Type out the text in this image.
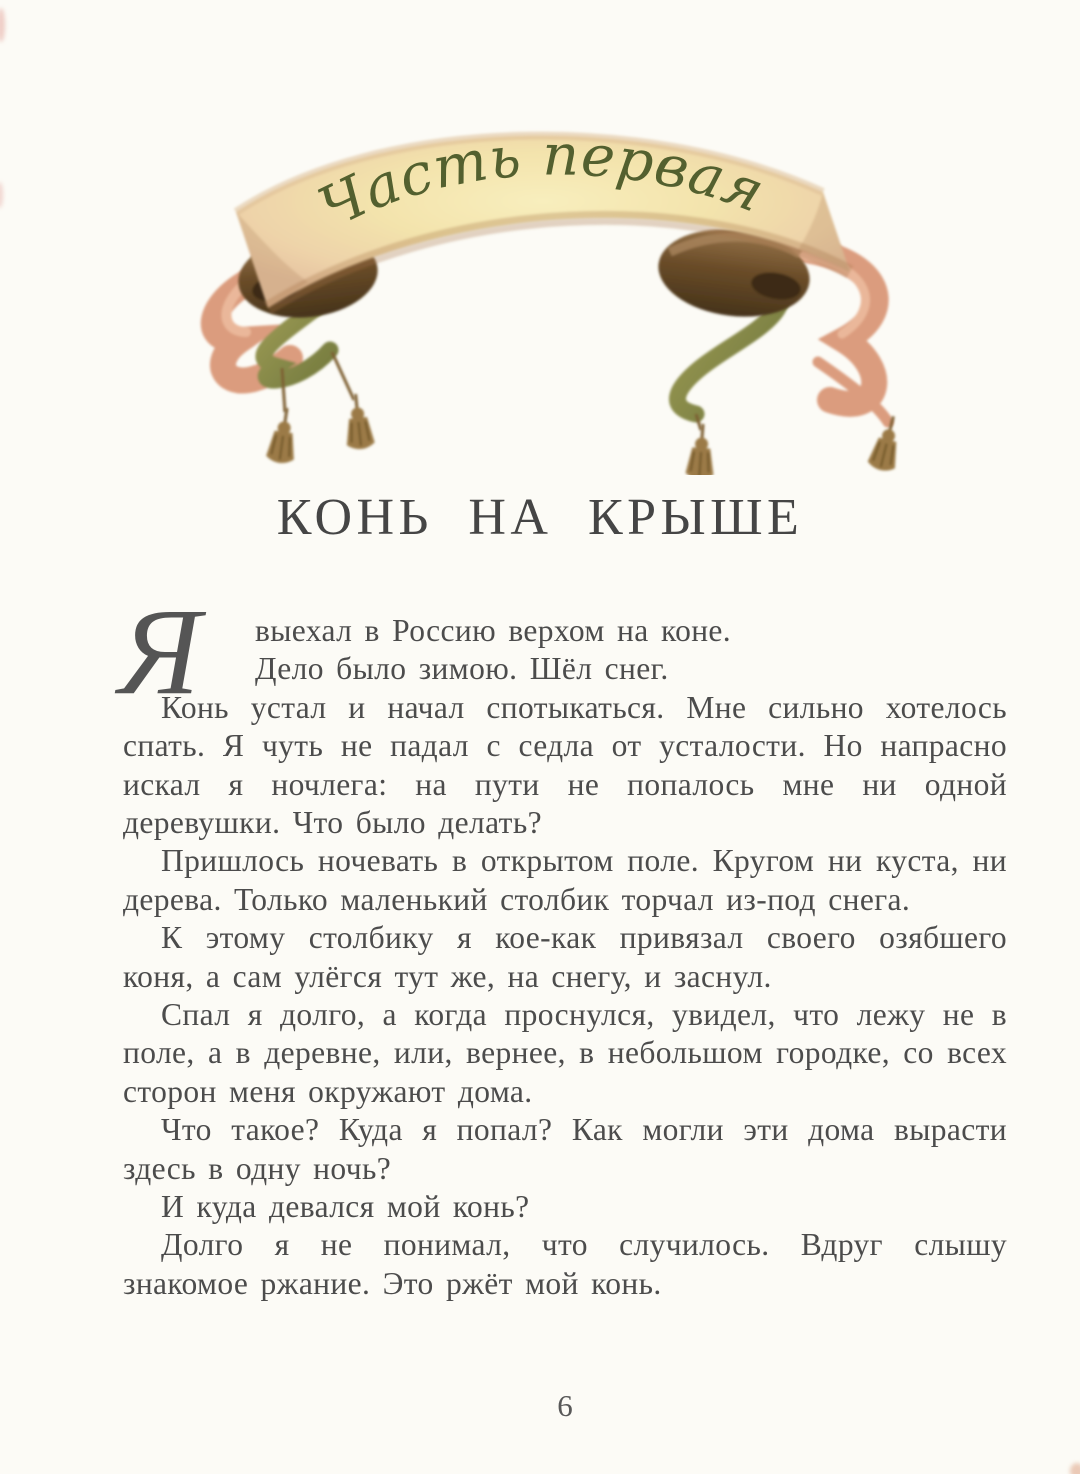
Часть первая
КОНЬ НА КРЫШЕ
Я выехал в Россию верхом на коне.
Дело было зимою. Шёл снег.

Конь устал и начал спотыкаться. Мне сильно хотелось спать. Я чуть не падал с седла от усталости. Но напрасно искал я ночлега: на пути не попалось мне ни одной деревушки. Что было делать?

Пришлось ночевать в открытом поле. Кругом ни куста, ни дерева. Только маленький столбик торчал из-под снега.

К этому столбику я кое-как привязал своего озябшего коня, а сам улёгся тут же, на снегу, и заснул.

Спал я долго, а когда проснулся, увидел, что лежу не в поле, а в деревне, или, вернее, в небольшом городке, со всех сторон меня окружают дома.

Что такое? Куда я попал? Как могли эти дома вырасти здесь в одну ночь?

И куда девался мой конь?

Долго я не понимал, что случилось. Вдруг слышу знакомое ржание. Это ржёт мой конь.

6
